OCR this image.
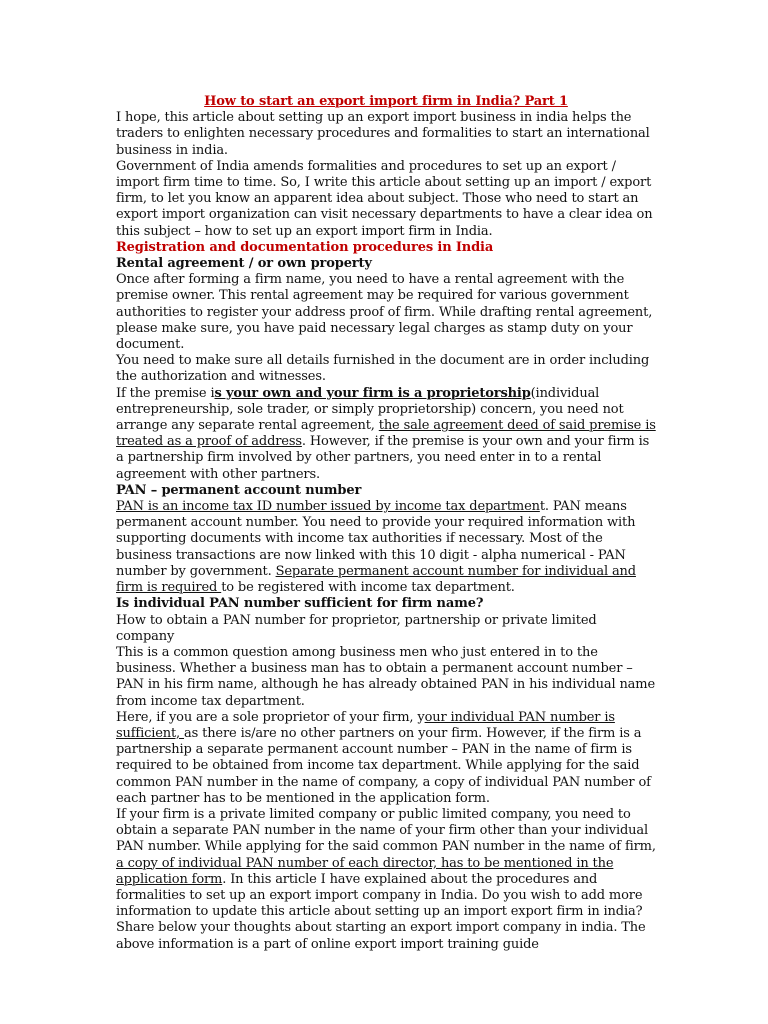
How to start an export import firm in India? Part 1

I hope, this article about setting up an export import business in india helps the traders to enlighten necessary procedures and formalities to start an international business in india.

Government of India amends formalities and procedures to set up an export / import firm time to time. So, I write this article about setting up an import / export firm, to let you know an apparent idea about subject. Those who need to start an export import organization can visit necessary departments to have a clear idea on this subject – how to set up an export import firm in India.

Registration and documentation procedures in India
Rental agreement / or own property

Once after forming a firm name, you need to have a rental agreement with the premise owner. This rental agreement may be required for various government authorities to register your address proof of firm. While drafting rental agreement, please make sure, you have paid necessary legal charges as stamp duty on your document.

You need to make sure all details furnished in the document are in order including the authorization and witnesses.

If the premise is your own and your firm is a proprietorship(individual entrepreneurship, sole trader, or simply proprietorship) concern, you need not arrange any separate rental agreement, the sale agreement deed of said premise is treated as a proof of address. However, if the premise is your own and your firm is a partnership firm involved by other partners, you need enter in to a rental agreement with other partners.

PAN – permanent account number

PAN is an income tax ID number issued by income tax department. PAN means permanent account number. You need to provide your required information with supporting documents with income tax authorities if necessary. Most of the business transactions are now linked with this 10 digit - alpha numerical - PAN number by government. Separate permanent account number for individual and firm is required to be registered with income tax department.

Is individual PAN number sufficient for firm name?

How to obtain a PAN number for proprietor, partnership or private limited company

This is a common question among business men who just entered in to the business. Whether a business man has to obtain a permanent account number – PAN in his firm name, although he has already obtained PAN in his individual name from income tax department.

Here, if you are a sole proprietor of your firm, your individual PAN number is sufficient, as there is/are no other partners on your firm. However, if the firm is a partnership a separate permanent account number – PAN in the name of firm is required to be obtained from income tax department. While applying for the said common PAN number in the name of company, a copy of individual PAN number of each partner has to be mentioned in the application form.

If your firm is a private limited company or public limited company, you need to obtain a separate PAN number in the name of your firm other than your individual PAN number. While applying for the said common PAN number in the name of firm, a copy of individual PAN number of each director, has to be mentioned in the application form. In this article I have explained about the procedures and formalities to set up an export import company in India. Do you wish to add more information to update this article about setting up an import export firm in india? Share below your thoughts about starting an export import company in india. The above information is a part of online export import training guide
